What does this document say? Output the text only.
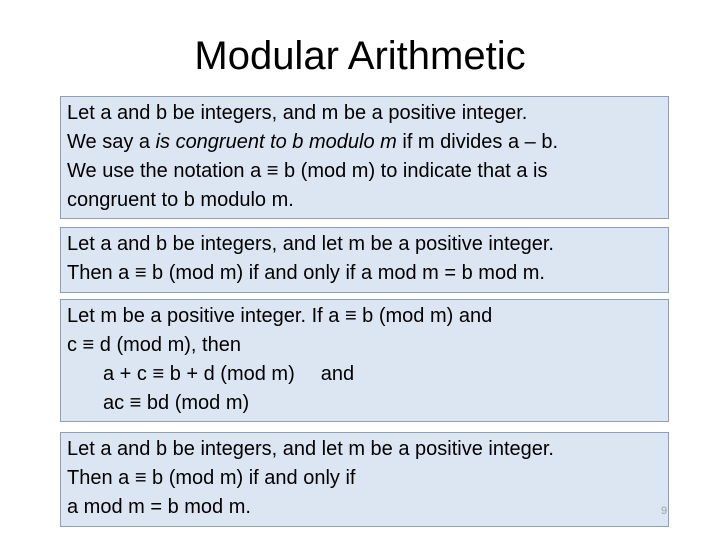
Modular Arithmetic
Let a and b be integers, and m be a positive integer.
We say a is congruent to b modulo m if m divides a – b.
We use the notation a ≡ b (mod m) to indicate that a is
congruent to b modulo m.
Let a and b be integers, and let m be a positive integer.
Then a ≡ b (mod m) if and only if a mod m = b mod m.
Let m be a positive integer. If a ≡ b (mod m) and
c ≡ d (mod m), then
a + c ≡ b + d (mod m) and
ac ≡ bd (mod m)
Let a and b be integers, and let m be a positive integer.
Then a ≡ b (mod m) if and only if
a mod m = b mod m.	9
